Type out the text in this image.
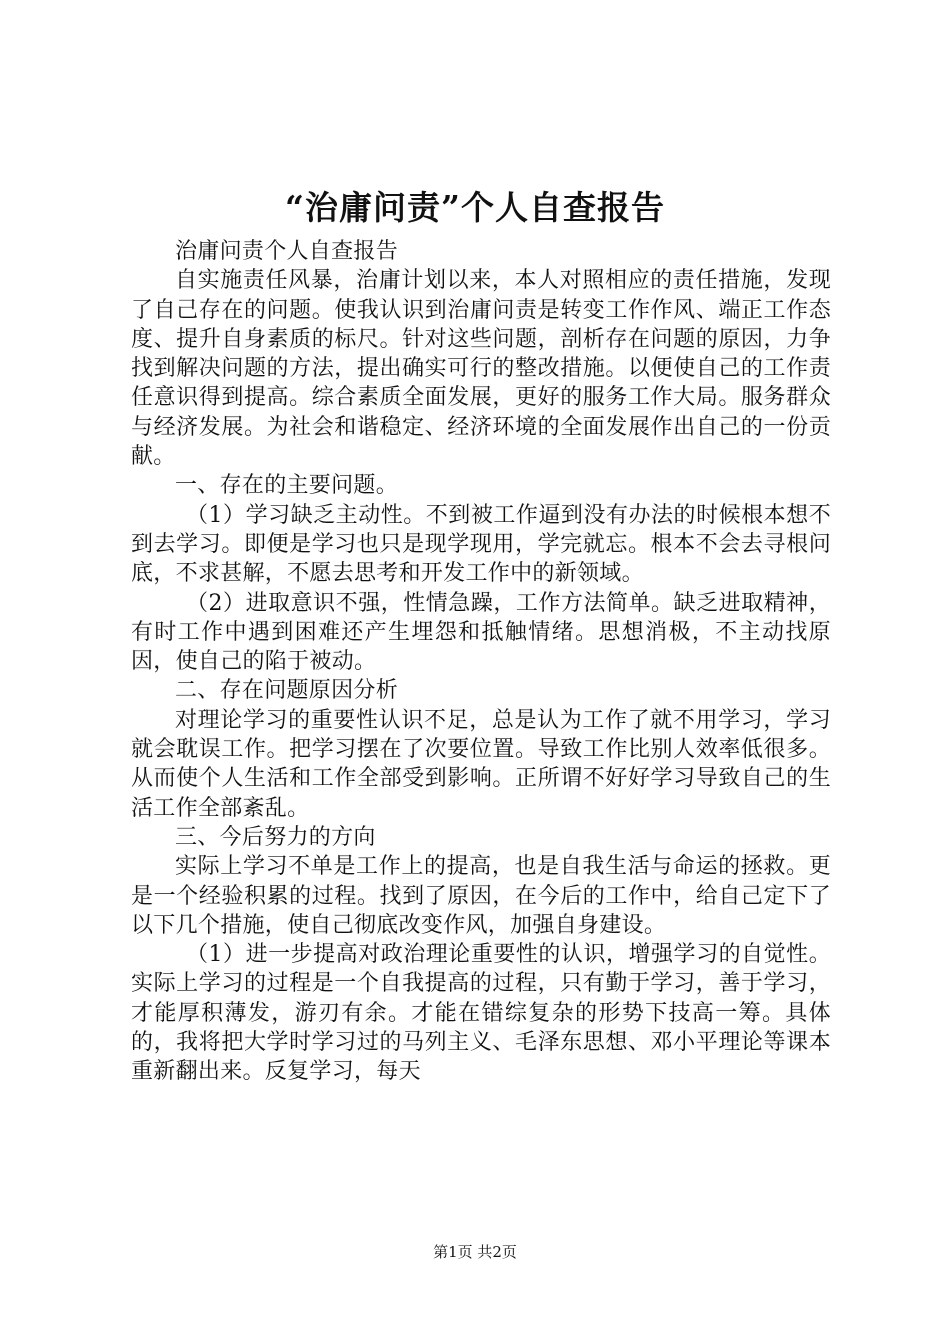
“治庸问责”个人自查报告

治庸问责个人自查报告

自实施责任风暴，治庸计划以来，本人对照相应的责任措施，发现了自己存在的问题。使我认识到治庸问责是转变工作作风、端正工作态度、提升自身素质的标尺。针对这些问题，剖析存在问题的原因，力争找到解决问题的方法，提出确实可行的整改措施。以便使自己的工作责任意识得到提高。综合素质全面发展，更好的服务工作大局。服务群众与经济发展。为社会和谐稳定、经济环境的全面发展作出自己的一份贡献。

一、存在的主要问题。

（1）学习缺乏主动性。不到被工作逼到没有办法的时候根本想不到去学习。即便是学习也只是现学现用，学完就忘。根本不会去寻根问底，不求甚解，不愿去思考和开发工作中的新领域。

（2）进取意识不强，性情急躁，工作方法简单。缺乏进取精神，有时工作中遇到困难还产生埋怨和抵触情绪。思想消极，不主动找原因，使自己的陷于被动。

二、存在问题原因分析

对理论学习的重要性认识不足，总是认为工作了就不用学习，学习就会耽误工作。把学习摆在了次要位置。导致工作比别人效率低很多。从而使个人生活和工作全部受到影响。正所谓不好好学习导致自己的生活工作全部紊乱。

三、今后努力的方向

实际上学习不单是工作上的提高，也是自我生活与命运的拯救。更是一个经验积累的过程。找到了原因，在今后的工作中，给自己定下了以下几个措施，使自己彻底改变作风，加强自身建设。

（1）进一步提高对政治理论重要性的认识，增强学习的自觉性。实际上学习的过程是一个自我提高的过程，只有勤于学习，善于学习，才能厚积薄发，游刃有余。才能在错综复杂的形势下技高一筹。具体的，我将把大学时学习过的马列主义、毛泽东思想、邓小平理论等课本重新翻出来。反复学习，每天

第1页 共2页
